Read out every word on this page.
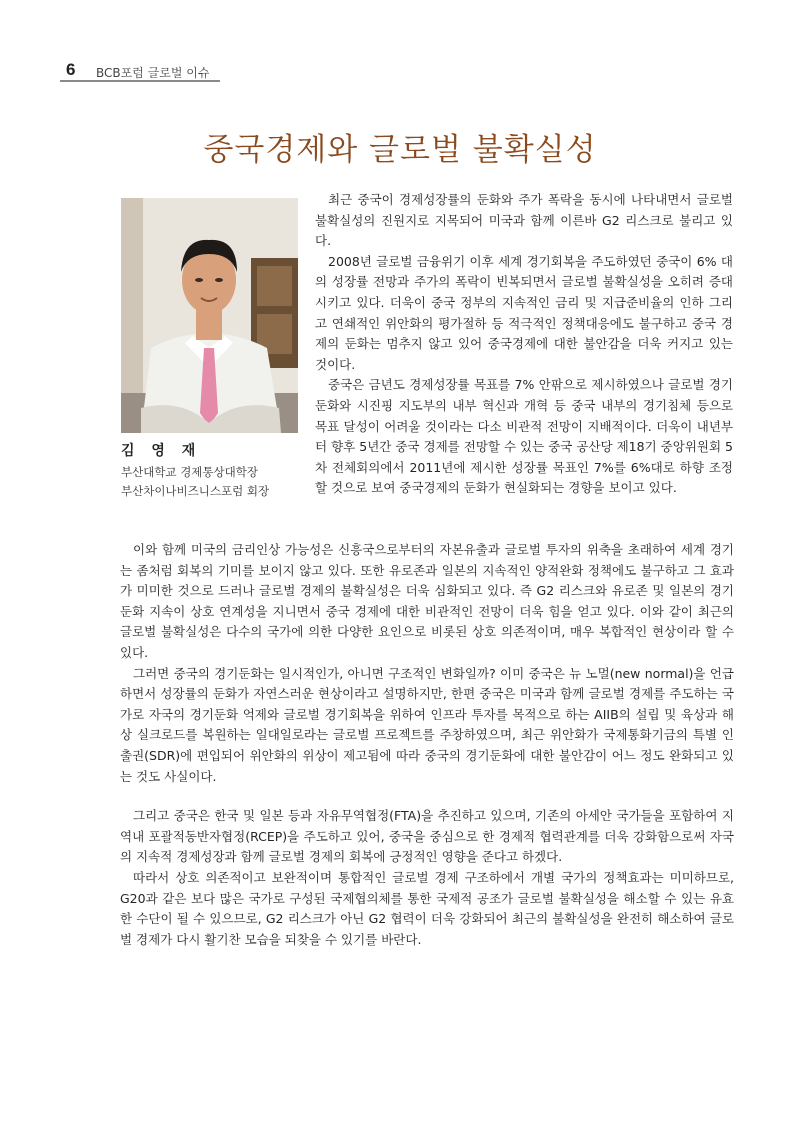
6 BCB포럼 글로벌 이슈
중국경제와 글로벌 불확실성

김 영 재

부산대학교 경제통상대학장

부산차이나비즈니스포럼 회장

최근 중국이 경제성장률의 둔화와 주가 폭락을 동시에 나타내면서 글로벌 불확실성의 진원지로 지목되어 미국과 함께 이른바 G2 리스크로 불리고 있다.

2008년 글로벌 금융위기 이후 세계 경기회복을 주도하였던 중국이 6% 대의 성장률 전망과 주가의 폭락이 빈복되면서 글로벌 불확실성을 오히려 증대시키고 있다. 더욱이 중국 정부의 지속적인 금리 및 지급준비율의 인하 그리고 연쇄적인 위안화의 평가절하 등 적극적인 정책대응에도 불구하고 중국 경제의 둔화는 멈추지 않고 있어 중국경제에 대한 불안감을 더욱 커지고 있는 것이다.

중국은 금년도 경제성장률 목표를 7% 안팎으로 제시하였으나 글로벌 경기둔화와 시진핑 지도부의 내부 혁신과 개혁 등 중국 내부의 경기침체 등으로 목표 달성이 어려울 것이라는 다소 비관적 전망이 지배적이다. 더욱이 내년부터 향후 5년간 중국 경제를 전망할 수 있는 중국 공산당 제18기 중앙위원회 5차 전체회의에서 2011년에 제시한 성장률 목표인 7%를 6%대로 하향 조정할 것으로 보여 중국경제의 둔화가 현실화되는 경향을 보이고 있다.

이와 함께 미국의 금리인상 가능성은 신흥국으로부터의 자본유출과 글로벌 투자의 위축을 초래하여 세계 경기는 좀처럼 회복의 기미를 보이지 않고 있다. 또한 유로존과 일본의 지속적인 양적완화 정책에도 불구하고 그 효과가 미미한 것으로 드러나 글로벌 경제의 불확실성은 더욱 심화되고 있다. 즉 G2 리스크와 유로존 및 일본의 경기둔화 지속이 상호 연계성을 지니면서 중국 경제에 대한 비관적인 전망이 더욱 힘을 얻고 있다. 이와 같이 최근의 글로벌 불확실성은 다수의 국가에 의한 다양한 요인으로 비롯된 상호 의존적이며, 매우 복합적인 현상이라 할 수 있다.

그러면 중국의 경기둔화는 일시적인가, 아니면 구조적인 변화일까? 이미 중국은 뉴 노멀(new normal)을 언급하면서 성장률의 둔화가 자연스러운 현상이라고 설명하지만, 한편 중국은 미국과 함께 글로벌 경제를 주도하는 국가로 자국의 경기둔화 억제와 글로벌 경기회복을 위하여 인프라 투자를 목적으로 하는 AIIB의 설립 및 육상과 해상 실크로드를 복원하는 일대일로라는 글로벌 프로젝트를 주창하였으며, 최근 위안화가 국제통화기금의 특별 인출권(SDR)에 편입되어 위안화의 위상이 제고됨에 따라 중국의 경기둔화에 대한 불안감이 어느 정도 완화되고 있는 것도 사실이다.

그리고 중국은 한국 및 일본 등과 자유무역협정(FTA)을 추진하고 있으며, 기존의 아세안 국가들을 포함하여 지역내 포괄적동반자협정(RCEP)을 주도하고 있어, 중국을 중심으로 한 경제적 협력관계를 더욱 강화함으로써 자국의 지속적 경제성장과 함께 글로벌 경제의 회복에 긍정적인 영향을 준다고 하겠다.

따라서 상호 의존적이고 보완적이며 통합적인 글로벌 경제 구조하에서 개별 국가의 정책효과는 미미하므로, G20과 같은 보다 많은 국가로 구성된 국제협의체를 통한 국제적 공조가 글로벌 불확실성을 해소할 수 있는 유효한 수단이 될 수 있으므로, G2 리스크가 아닌 G2 협력이 더욱 강화되어 최근의 불확실성을 완전히 해소하여 글로벌 경제가 다시 활기찬 모습을 되찾을 수 있기를 바란다.
